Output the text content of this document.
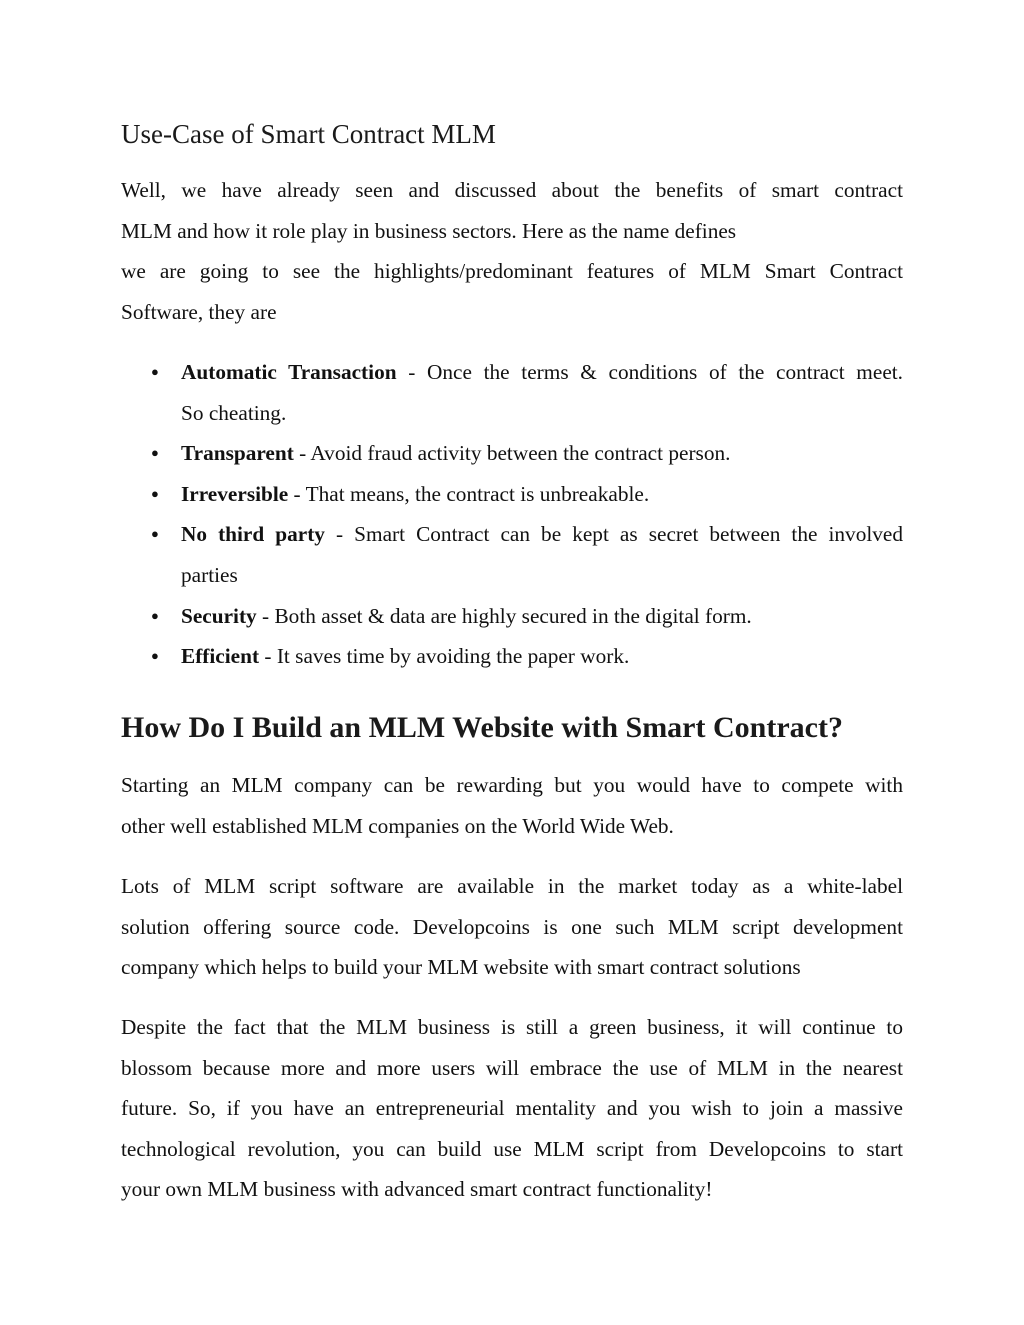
Use-Case of Smart Contract MLM

Well, we have already seen and discussed about the benefits of smart contract
MLM and how it role play in business sectors. Here as the name defines
we are going to see the highlights/predominant features of MLM Smart Contract
Software, they are

● Automatic Transaction - Once the terms & conditions of the contract meet.
So cheating.
● Transparent - Avoid fraud activity between the contract person.
● Irreversible - That means, the contract is unbreakable.
● No third party - Smart Contract can be kept as secret between the involved
parties
● Security - Both asset & data are highly secured in the digital form.
● Efficient - It saves time by avoiding the paper work.
How Do I Build an MLM Website with Smart Contract?

Starting an MLM company can be rewarding but you would have to compete with
other well established MLM companies on the World Wide Web.

Lots of MLM script software are available in the market today as a white-label
solution offering source code. Developcoins is one such MLM script development
company which helps to build your MLM website with smart contract solutions

Despite the fact that the MLM business is still a green business, it will continue to
blossom because more and more users will embrace the use of MLM in the nearest
future. So, if you have an entrepreneurial mentality and you wish to join a massive
technological revolution, you can build use MLM script from Developcoins to start
your own MLM business with advanced smart contract functionality!
